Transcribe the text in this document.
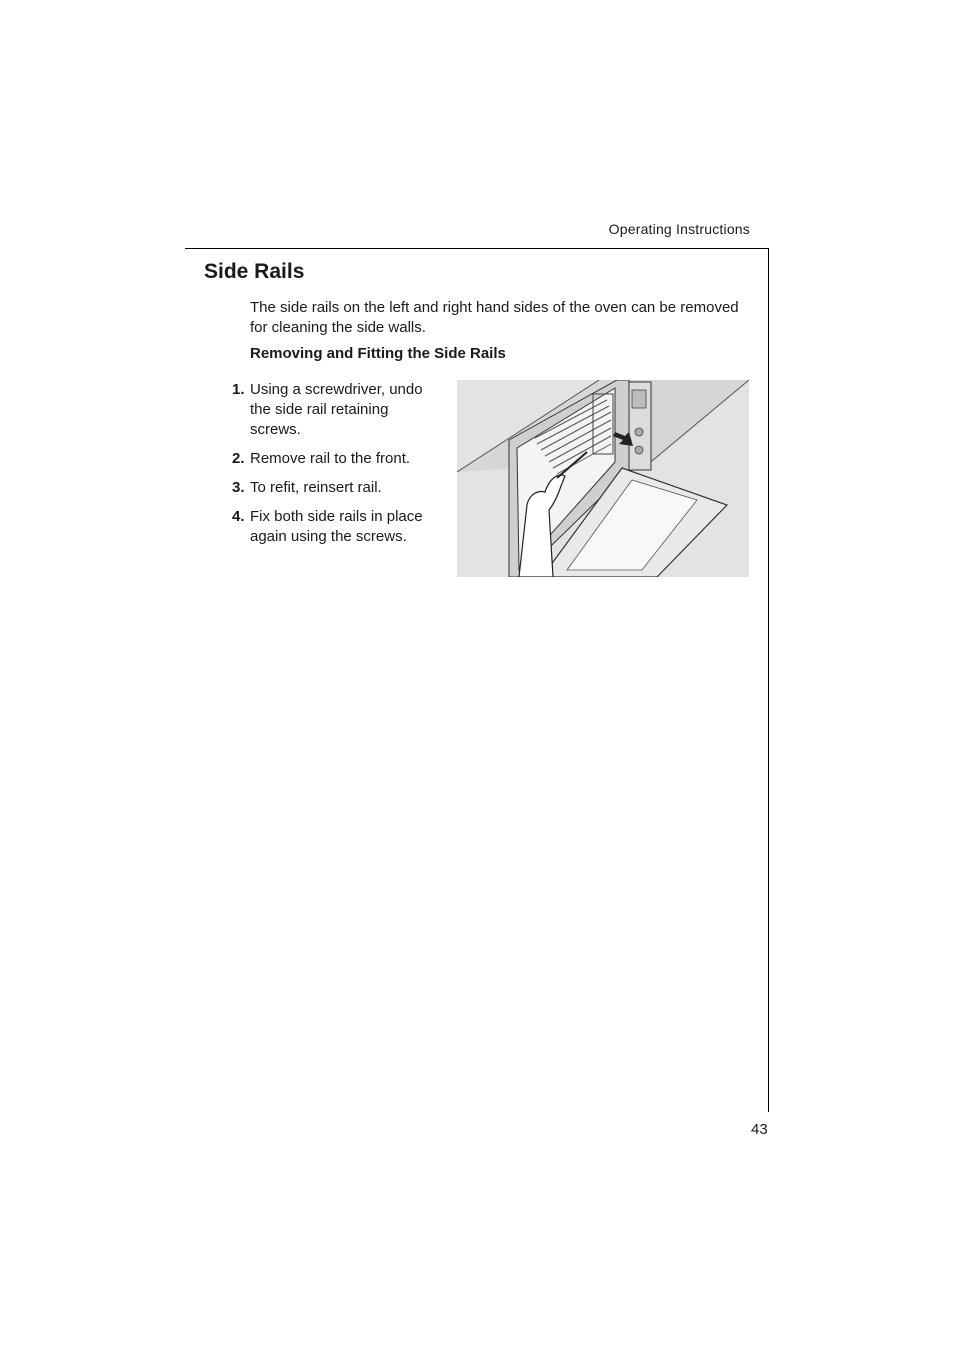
Operating Instructions
Side Rails

The side rails on the left and right hand sides of the oven can be removed for cleaning the side walls.

Removing and Fitting the Side Rails

1. Using a screwdriver, undo the side rail retaining screws.
2. Remove rail to the front.
3. To refit, reinsert rail.
4. Fix both side rails in place again using the screws.
43
